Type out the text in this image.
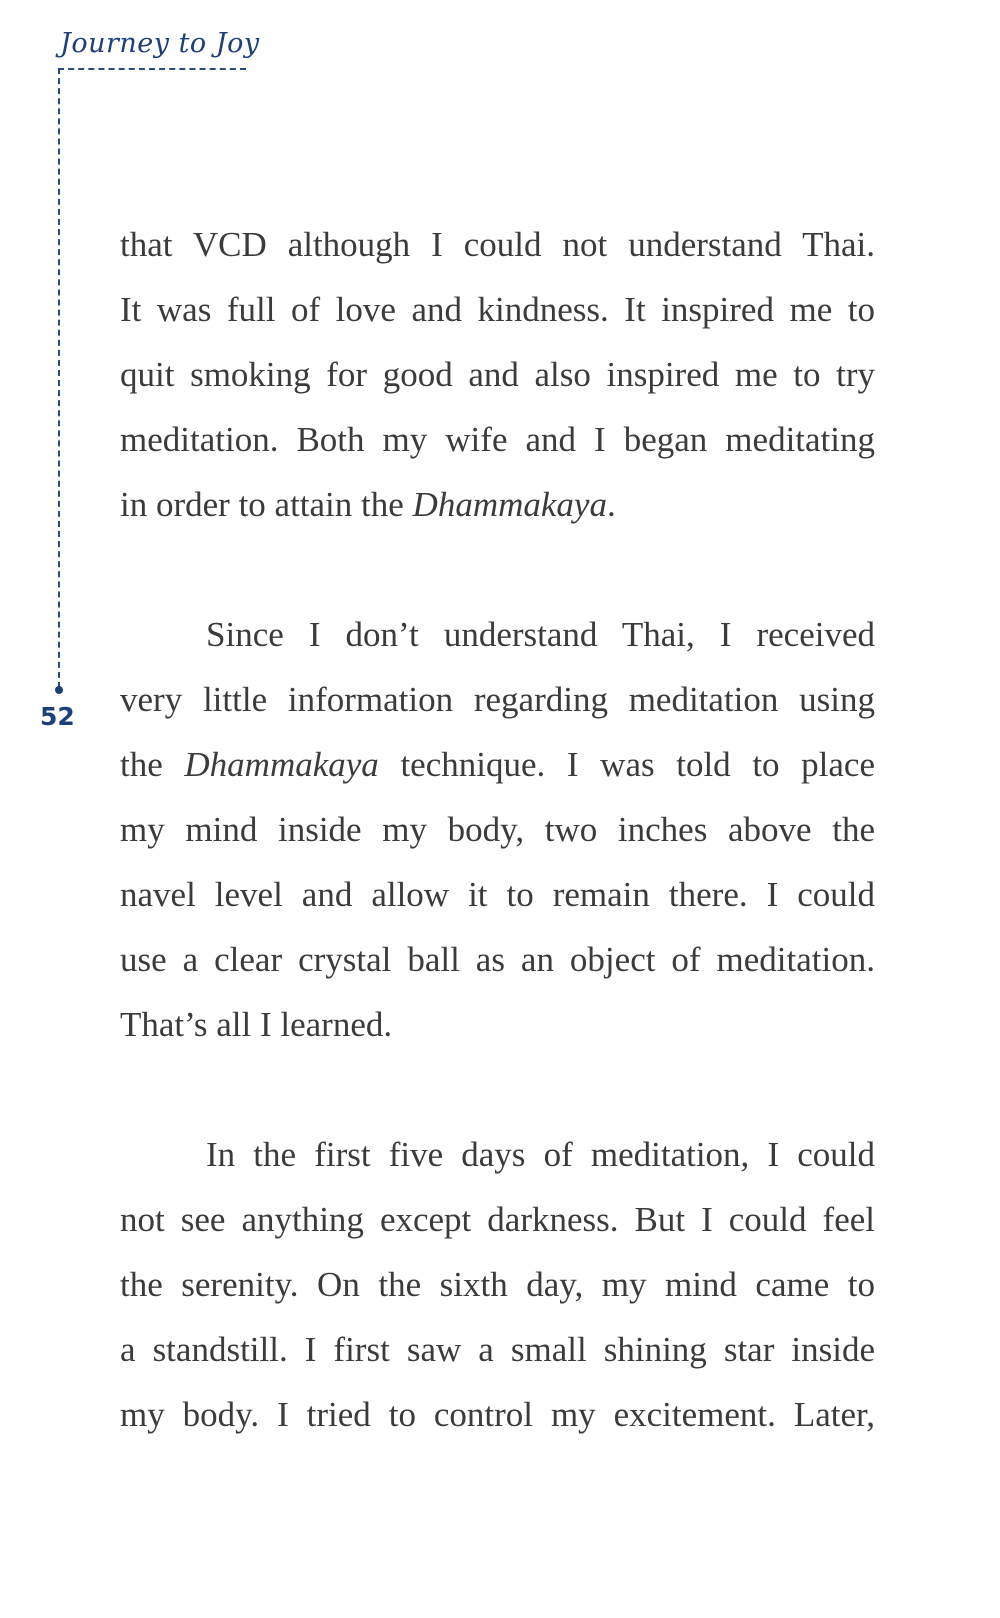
Journey to Joy
52
that VCD although I could not understand Thai.
It was full of love and kindness. It inspired me to
quit smoking for good and also inspired me to try
meditation. Both my wife and I began meditating
in order to attain the Dhammakaya.
Since I don’t understand Thai, I received
very little information regarding meditation using
the Dhammakaya technique. I was told to place
my mind inside my body, two inches above the
navel level and allow it to remain there. I could
use a clear crystal ball as an object of meditation.
That’s all I learned.
In the first five days of meditation, I could
not see anything except darkness. But I could feel
the serenity. On the sixth day, my mind came to
a standstill. I first saw a small shining star inside
my body. I tried to control my excitement. Later,
